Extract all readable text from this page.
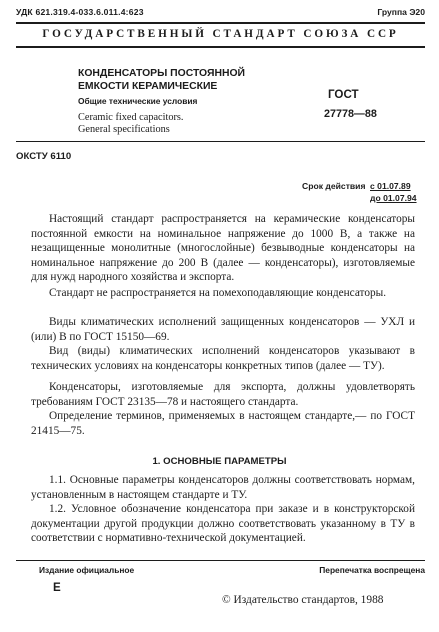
УДК 621.319.4-033.6.011.4:623	Группа Э20
ГОСУДАРСТВЕННЫЙ СТАНДАРТ СОЮЗА ССР
КОНДЕНСАТОРЫ ПОСТОЯННОЙ
ЕМКОСТИ КЕРАМИЧЕСКИЕ
Общие технические условия
Ceramic fixed capacitors.
General specifications
ГОСТ
27778—88
ОКСТУ 6110
Срок действия с 01.07.89
до 01.07.94

Настоящий стандарт распространяется на керамические конденсаторы постоянной емкости на номинальное напряжение до 1000 В, а также на незащищенные монолитные (многослойные) безвыводные конденсаторы на номинальное напряжение до 200 В (далее — конденсаторы), изготовляемые для нужд народного хозяйства и экспорта.

Стандарт не распространяется на помехоподавляющие конденсаторы.

Виды климатических исполнений защищенных конденсаторов — УХЛ и (или) В по ГОСТ 15150—69.

Вид (виды) климатических исполнений конденсаторов указывают в технических условиях на конденсаторы конкретных типов (далее — ТУ).

Конденсаторы, изготовляемые для экспорта, должны удовлетворять требованиям ГОСТ 23135—78 и настоящего стандарта.

Определение терминов, применяемых в настоящем стандарте,— по ГОСТ 21415—75.

1. ОСНОВНЫЕ ПАРАМЕТРЫ

1.1. Основные параметры конденсаторов должны соответствовать нормам, установленным в настоящем стандарте и ТУ.

1.2. Условное обозначение конденсатора при заказе и в конструкторской документации другой продукции должно соответствовать указанному в ТУ в соответствии с нормативно-технической документацией.

Издание официальное	Перепечатка воспрещена
Е
© Издательство стандартов, 1988
